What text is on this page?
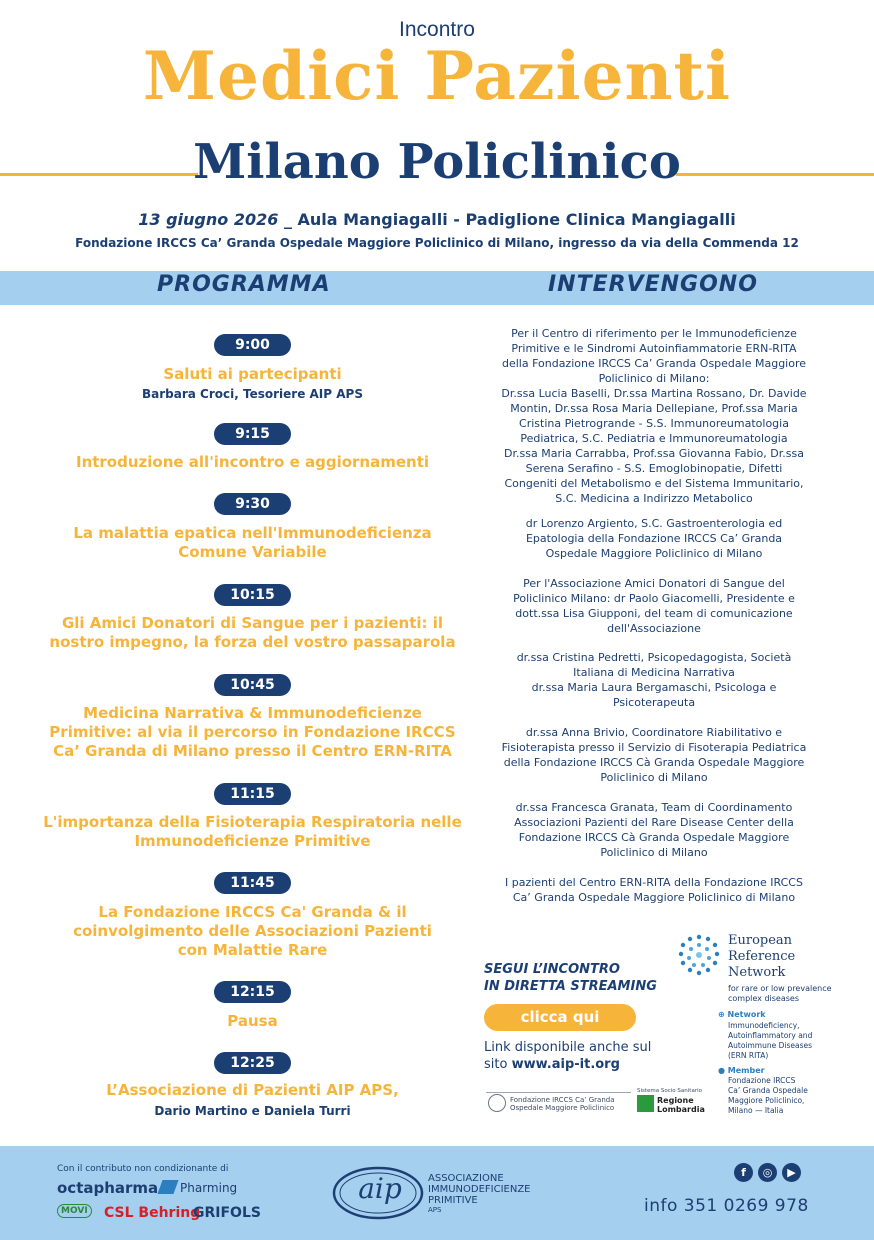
Incontro
Medici Pazienti
Milano Policlinico
13 giugno 2026 _ Aula Mangiagalli - Padiglione Clinica Mangiagalli
Fondazione IRCCS Ca’ Granda Ospedale Maggiore Policlinico di Milano, ingresso da via della Commenda 12
PROGRAMMA	INTERVENGONO
9:00
Saluti ai partecipanti
Barbara Croci, Tesoriere AIP APS
9:15
Introduzione all'incontro e aggiornamenti
9:30
La malattia epatica nell'Immunodeficienza
Comune Variabile
10:15
Gli Amici Donatori di Sangue per i pazienti: il
nostro impegno, la forza del vostro passaparola
10:45
Medicina Narrativa & Immunodeficienze
Primitive: al via il percorso in Fondazione IRCCS
Ca’ Granda di Milano presso il Centro ERN-RITA
11:15
L'importanza della Fisioterapia Respiratoria nelle
Immunodeficienze Primitive
11:45
La Fondazione IRCCS Ca' Granda & il
coinvolgimento delle Associazioni Pazienti
con Malattie Rare
12:15
Pausa
12:25
L’Associazione di Pazienti AIP APS,
Dario Martino e Daniela Turri
Per il Centro di riferimento per le Immunodeficienze
Primitive e le Sindromi Autoinfiammatorie ERN-RITA
della Fondazione IRCCS Ca’ Granda Ospedale Maggiore
Policlinico di Milano:
Dr.ssa Lucia Baselli, Dr.ssa Martina Rossano, Dr. Davide
Montin, Dr.ssa Rosa Maria Dellepiane, Prof.ssa Maria
Cristina Pietrogrande - S.S. Immunoreumatologia
Pediatrica, S.C. Pediatria e Immunoreumatologia
Dr.ssa Maria Carrabba, Prof.ssa Giovanna Fabio, Dr.ssa
Serena Serafino - S.S. Emoglobinopatie, Difetti
Congeniti del Metabolismo e del Sistema Immunitario,
S.C. Medicina a Indirizzo Metabolico
dr Lorenzo Argiento, S.C. Gastroenterologia ed
Epatologia della Fondazione IRCCS Ca’ Granda
Ospedale Maggiore Policlinico di Milano
Per l'Associazione Amici Donatori di Sangue del
Policlinico Milano: dr Paolo Giacomelli, Presidente e
dott.ssa Lisa Giupponi, del team di comunicazione
dell'Associazione
dr.ssa Cristina Pedretti, Psicopedagogista, Società
Italiana di Medicina Narrativa
dr.ssa Maria Laura Bergamaschi, Psicologa e
Psicoterapeuta
dr.ssa Anna Brivio, Coordinatore Riabilitativo e
Fisioterapista presso il Servizio di Fisoterapia Pediatrica
della Fondazione IRCCS Cà Granda Ospedale Maggiore
Policlinico di Milano
dr.ssa Francesca Granata, Team di Coordinamento
Associazioni Pazienti del Rare Disease Center della
Fondazione IRCCS Cà Granda Ospedale Maggiore
Policlinico di Milano
I pazienti del Centro ERN-RITA della Fondazione IRCCS
Ca’ Granda Ospedale Maggiore Policlinico di Milano
SEGUI L’INCONTRO
IN DIRETTA STREAMING
clicca qui
Link disponibile anche sul
sito www.aip-it.org
European
Reference
Network
for rare or low prevalence
complex diseases
⊕ Network
Immunodeficiency,
Autoinflammatory and
Autoimmune Diseases
(ERN RITA)
● Member
Fondazione IRCCS
Ca’ Granda Ospedale
Maggiore Policlinico,
Milano — Italia
Fondazione IRCCS Ca’ Granda
Ospedale Maggiore Policlinico
Sistema Socio Sanitario
Regione
Lombardia
Con il contributo non condizionante di
octapharma Pharming
MOVI CSL Behring
GRIFOLS
aip	ASSOCIAZIONE
IMMUNODEFICIENZE
PRIMITIVE
APS
f	◎	▶
info 351 0269 978
